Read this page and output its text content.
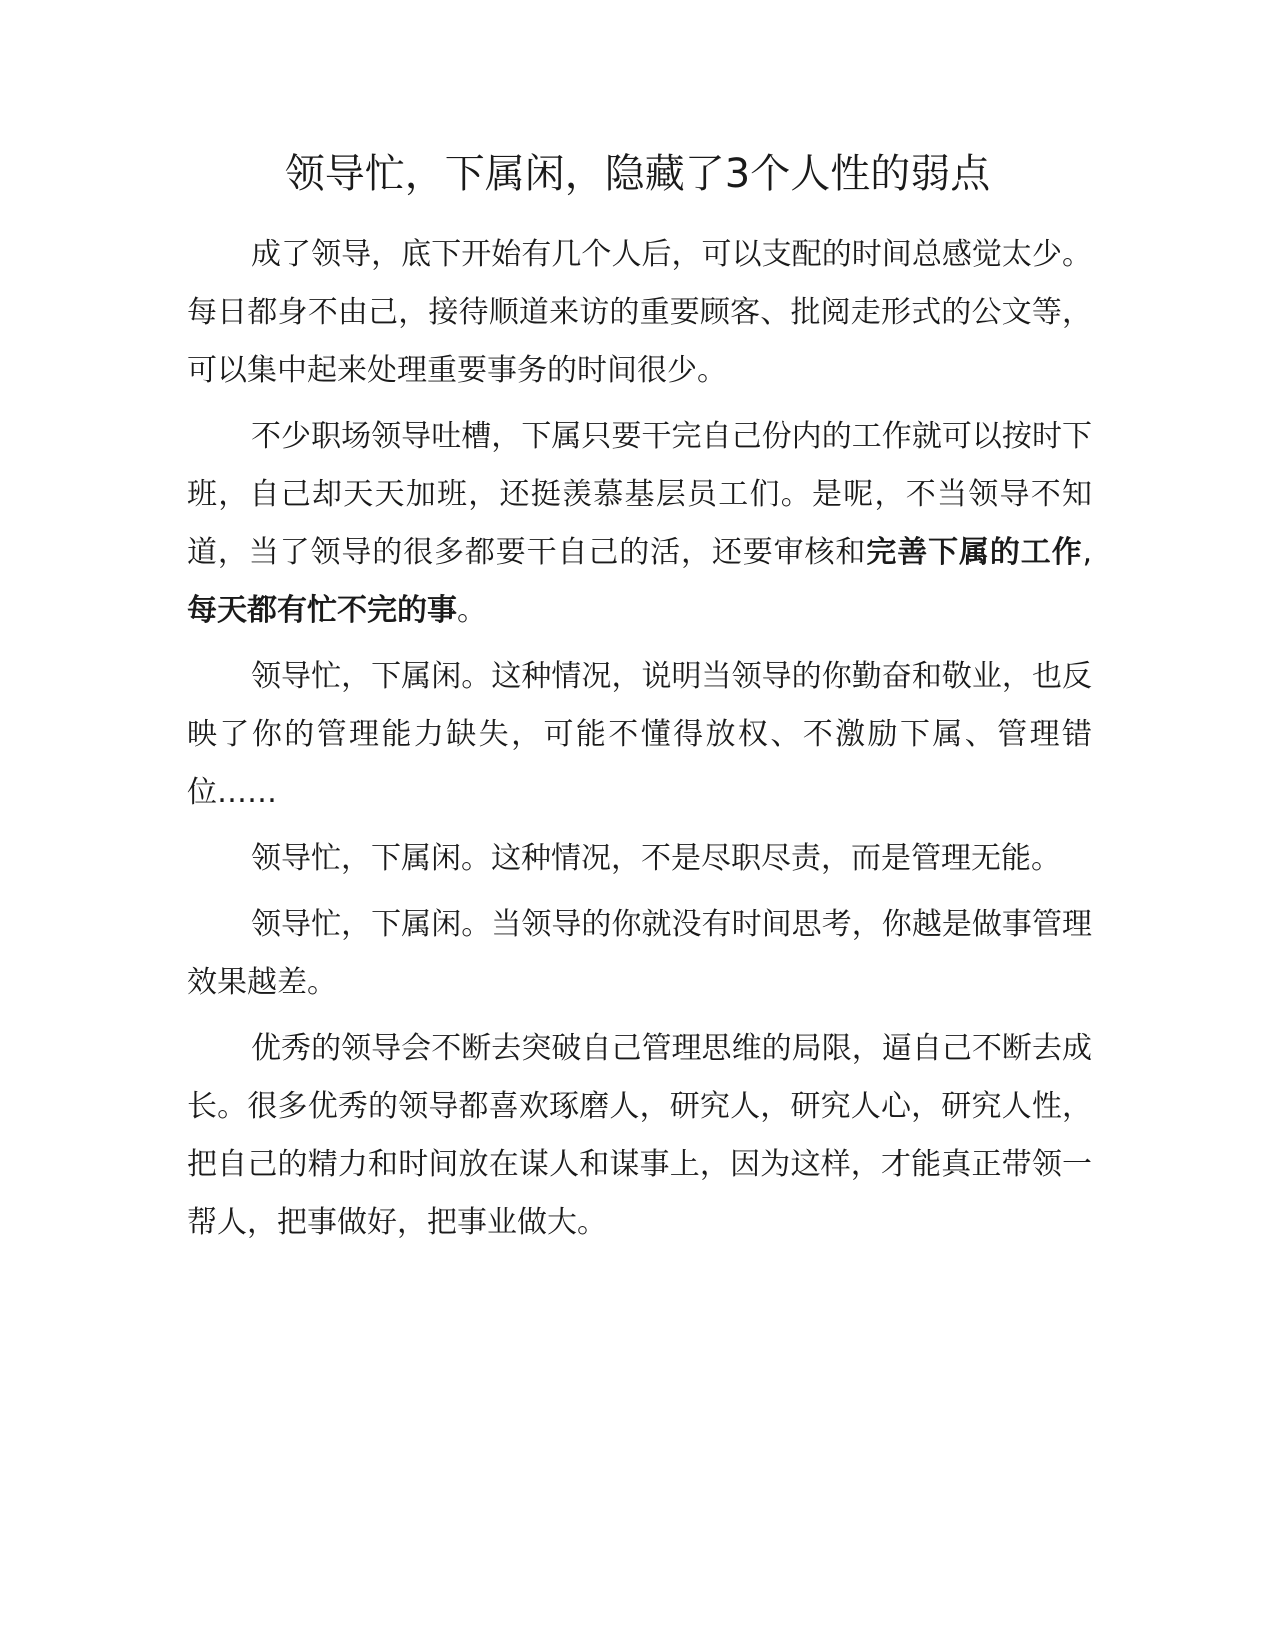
领导忙，下属闲，隐藏了3个人性的弱点

成了领导，底下开始有几个人后，可以支配的时间总感觉太少。每日都身不由己，接待顺道来访的重要顾客、批阅走形式的公文等，可以集中起来处理重要事务的时间很少。

不少职场领导吐槽，下属只要干完自己份内的工作就可以按时下班，自己却天天加班，还挺羡慕基层员工们。是呢，不当领导不知道，当了领导的很多都要干自己的活，还要审核和完善下属的工作, 每天都有忙不完的事。

领导忙，下属闲。这种情况，说明当领导的你勤奋和敬业，也反映了你的管理能力缺失，可能不懂得放权、不激励下属、管理错位……

领导忙，下属闲。这种情况，不是尽职尽责，而是管理无能。

领导忙，下属闲。当领导的你就没有时间思考，你越是做事管理效果越差。

优秀的领导会不断去突破自己管理思维的局限，逼自己不断去成长。很多优秀的领导都喜欢琢磨人，研究人，研究人心，研究人性，把自己的精力和时间放在谋人和谋事上，因为这样，才能真正带领一帮人，把事做好，把事业做大。
